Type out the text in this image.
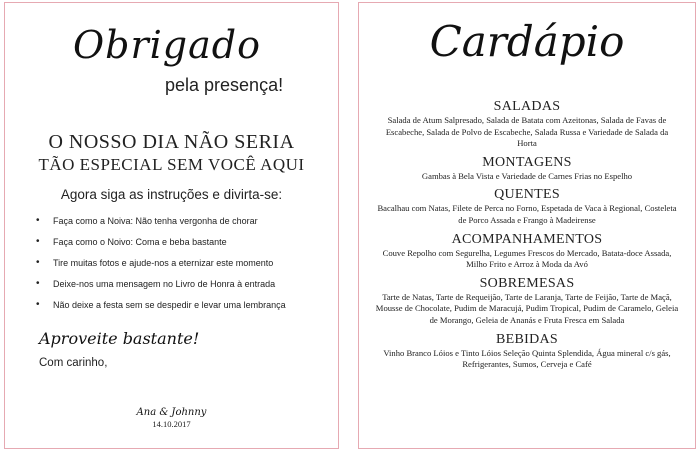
Obrigado
pela presença!
O NOSSO DIA NÃO SERIA
TÃO ESPECIAL SEM VOCÊ AQUI
Agora siga as instruções e divirta-se:
• Faça como a Noiva: Não tenha vergonha de chorar
• Faça como o Noivo: Coma e beba bastante
• Tire muitas fotos e ajude-nos a eternizar este momento
• Deixe-nos uma mensagem no Livro de Honra à entrada
• Não deixe a festa sem se despedir e levar uma lembrança
Aproveite bastante!
Com carinho,
Ana & Johnny
14.10.2017
Cardápio
SALADAS
Salada de Atum Salpresado, Salada de Batata com Azeitonas, Salada de Favas de Escabeche, Salada de Polvo de Escabeche, Salada Russa e Variedade de Salada da Horta
MONTAGENS
Gambas à Bela Vista e Variedade de Carnes Frias no Espelho
QUENTES
Bacalhau com Natas, Filete de Perca no Forno, Espetada de Vaca à Regional, Costeleta de Porco Assada e Frango à Madeirense
ACOMPANHAMENTOS
Couve Repolho com Segurelha, Legumes Frescos do Mercado, Batata-doce Assada, Milho Frito e Arroz à Moda da Avó
SOBREMESAS
Tarte de Natas, Tarte de Requeijão, Tarte de Laranja, Tarte de Feijão, Tarte de Maçã, Mousse de Chocolate, Pudim de Maracujá, Pudim Tropical, Pudim de Caramelo, Geleia de Morango, Geleia de Ananás e Fruta Fresca em Salada
BEBIDAS
Vinho Branco Lóios e Tinto Lóios Seleção Quinta Splendida, Água mineral c/s gás, Refrigerantes, Sumos, Cerveja e Café
